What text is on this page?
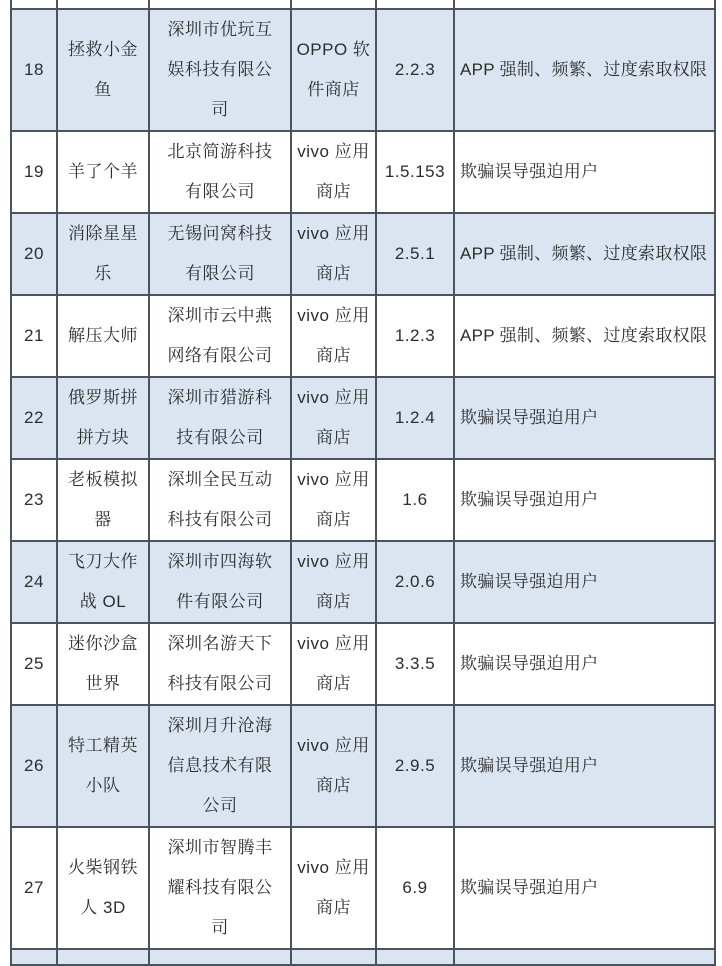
18	拯救小金鱼	深圳市优玩互娱科技有限公司	OPPO 软件商店	2.2.3	APP 强制、频繁、过度索取权限
19	羊了个羊	北京简游科技有限公司	vivo 应用商店	1.5.153	欺骗误导强迫用户
20	消除星星乐	无锡问窝科技有限公司	vivo 应用商店	2.5.1	APP 强制、频繁、过度索取权限
21	解压大师	深圳市云中燕网络有限公司	vivo 应用商店	1.2.3	APP 强制、频繁、过度索取权限
22	俄罗斯拼拼方块	深圳市猎游科技有限公司	vivo 应用商店	1.2.4	欺骗误导强迫用户
23	老板模拟器	深圳全民互动科技有限公司	vivo 应用商店	1.6	欺骗误导强迫用户
24	飞刀大作战 OL	深圳市四海软件有限公司	vivo 应用商店	2.0.6	欺骗误导强迫用户
25	迷你沙盒世界	深圳名游天下科技有限公司	vivo 应用商店	3.3.5	欺骗误导强迫用户
26	特工精英小队	深圳月升沧海信息技术有限公司	vivo 应用商店	2.9.5	欺骗误导强迫用户
27	火柴钢铁人 3D	深圳市智腾丰耀科技有限公司	vivo 应用商店	6.9	欺骗误导强迫用户
